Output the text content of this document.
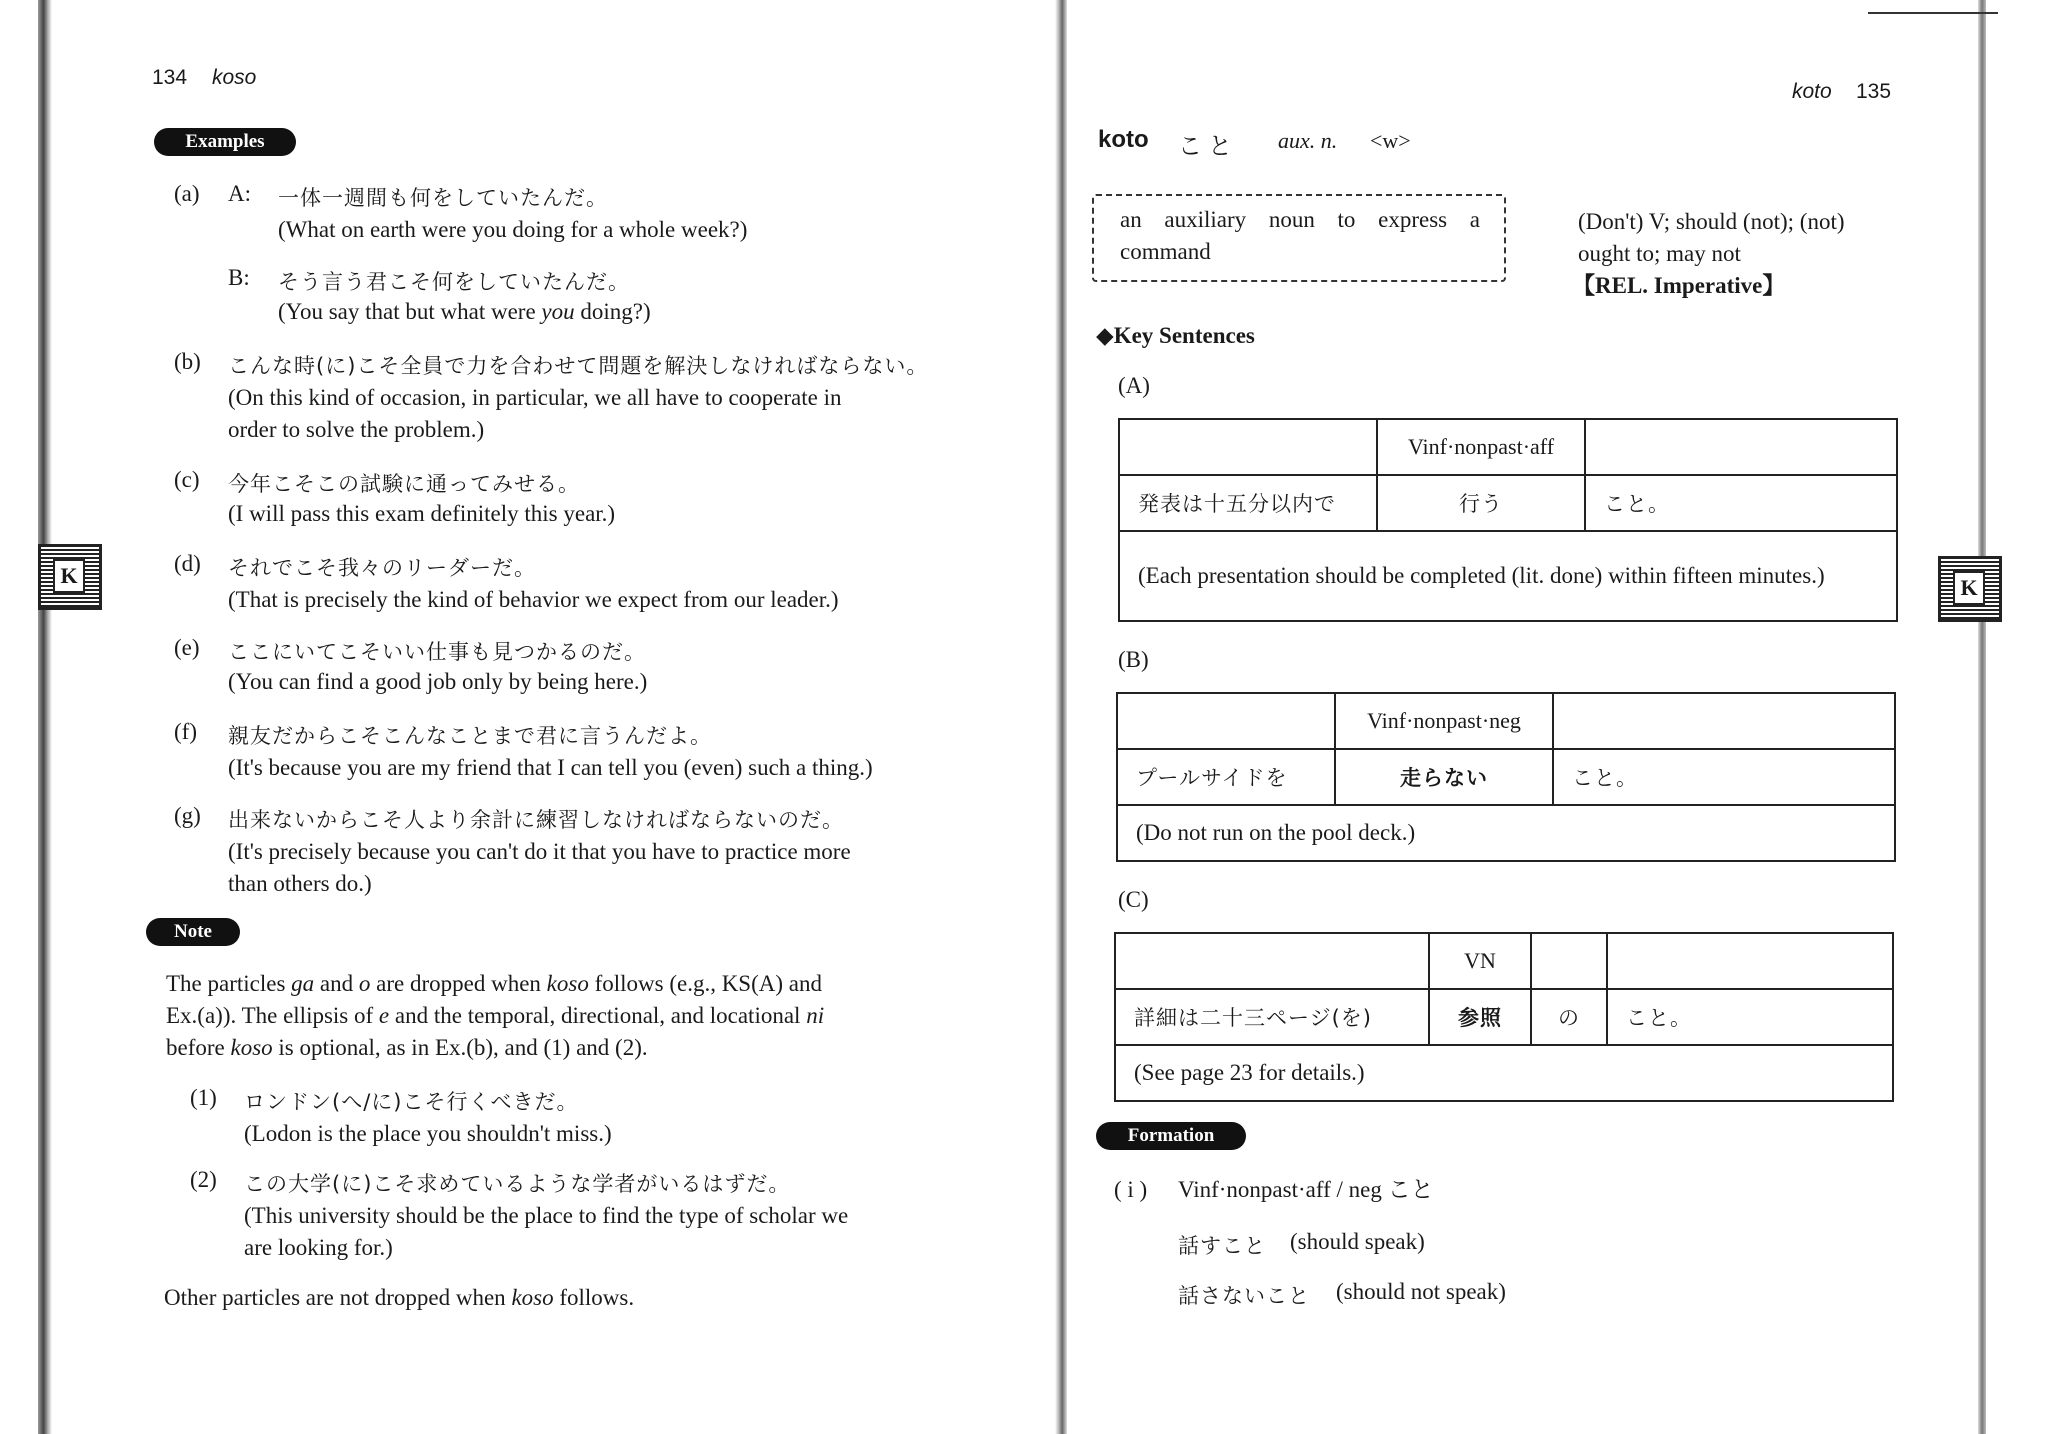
134 koso
K
Examples
(a) A: 一体一週間も何をしていたんだ。
(What on earth were you doing for a whole week?)
B: そう言う君こそ何をしていたんだ。
(You say that but what were you doing?)
(b) こんな時(に)こそ全員で力を合わせて問題を解決しなければならない。
(On this kind of occasion, in particular, we all have to cooperate in
order to solve the problem.)
(c) 今年こそこの試験に通ってみせる。
(I will pass this exam definitely this year.)
(d) それでこそ我々のリーダーだ。
(That is precisely the kind of behavior we expect from our leader.)
(e) ここにいてこそいい仕事も見つかるのだ。
(You can find a good job only by being here.)
(f) 親友だからこそこんなことまで君に言うんだよ。
(It's because you are my friend that I can tell you (even) such a thing.)
(g) 出来ないからこそ人より余計に練習しなければならないのだ。
(It's precisely because you can't do it that you have to practice more
than others do.)
Note
The particles ga and o are dropped when koso follows (e.g., KS(A) and
Ex.(a)). The ellipsis of e and the temporal, directional, and locational ni
before koso is optional, as in Ex.(b), and (1) and (2).
(1) ロンドン(へ/に)こそ行くべきだ。
(Lodon is the place you shouldn't miss.)
(2) この大学(に)こそ求めているような学者がいるはずだ。
(This university should be the place to find the type of scholar we
are looking for.)
Other particles are not dropped when koso follows.
koto 135
K
koto こと aux. n. <w>
an auxiliary noun to express a command
(Don't) V; should (not); (not)
ought to; may not
【REL. Imperative】
◆Key Sentences
(A)
	Vinf·nonpast·aff	
発表は十五分以内で	行う	こと。

(Each presentation should be completed (lit. done) within fifteen minutes.)		
(B)
	Vinf·nonpast·neg	
プールサイドを	走らない	こと。
(Do not run on the pool deck.)		
(C)
	VN		
詳細は二十三ページ(を)	参照	の	こと。
(See page 23 for details.)			
Formation
( i ) Vinf·nonpast·aff / neg こと
話すこと (should speak)
話さないこと (should not speak)
